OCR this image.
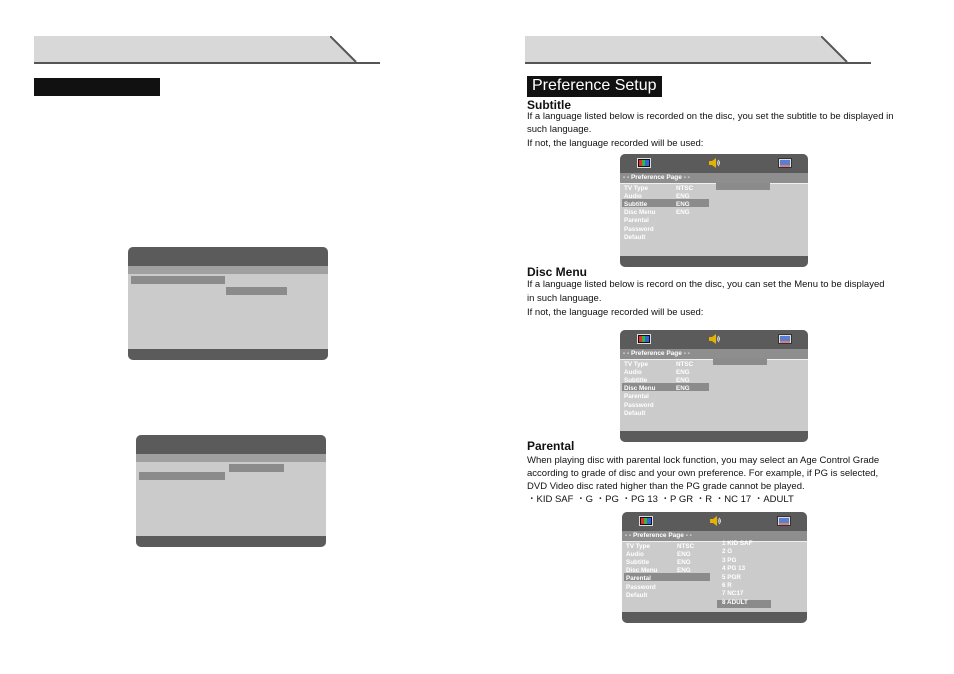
Preference Setup
Subtitle
If a language listed below is recorded on the disc, you set the subtitle to be displayed in
such language.
If not, the language recorded will be used:
- - Preference Page - -
TV Type
Audio
Subtitle
Disc Menu
Parental
Password
Default
NTSC
ENG
ENG
ENG
Disc Menu
If a language listed below is record on the disc, you can set the Menu to be displayed
in such language.
If not, the language recorded will be used:
- - Preference Page - -
TV Type
Audio
Subtitle
Disc Menu
Parental
Password
Default
NTSC
ENG
ENG
ENG
Parental
When playing disc with parental lock function, you may select an Age Control Grade
according to grade of disc and your own preference. For example, if PG is selected,
DVD Video disc rated higher than the PG grade cannot be played.
・KID SAF ・G ・PG ・PG 13 ・P GR ・R ・NC 17 ・ADULT
- - Preference Page - -
TV Type
Audio
Subtitle
Disc Menu
Parental
Password
Default
NTSC
ENG
ENG
ENG
1 KID SAF
2 G
3 PG
4 PG 13
5 PGR
6 R
7 NC17
8 ADULT
